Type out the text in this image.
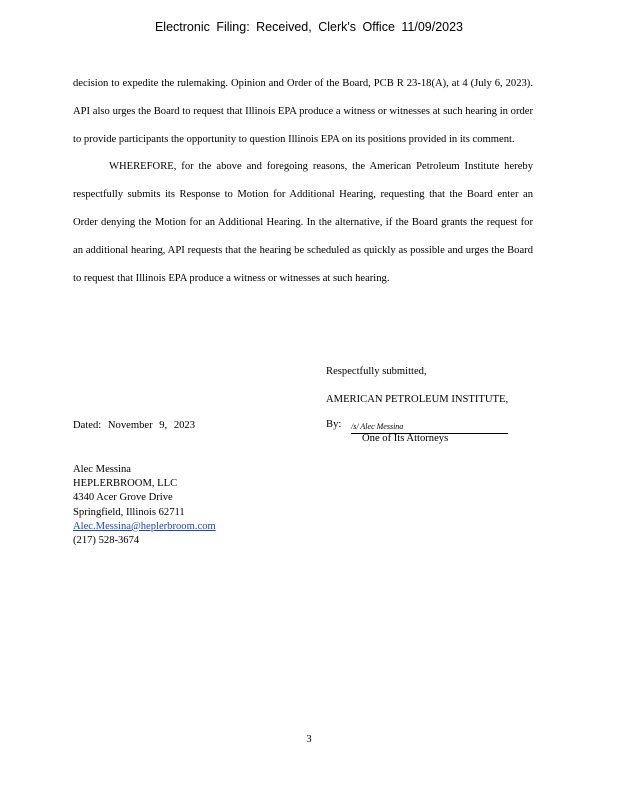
Electronic Filing: Received, Clerk's Office 11/09/2023

decision to expedite the rulemaking. Opinion and Order of the Board, PCB R 23-18(A), at 4 (July 6, 2023). API also urges the Board to request that Illinois EPA produce a witness or witnesses at such hearing in order to provide participants the opportunity to question Illinois EPA on its positions provided in its comment.

WHEREFORE, for the above and foregoing reasons, the American Petroleum Institute hereby respectfully submits its Response to Motion for Additional Hearing, requesting that the Board enter an Order denying the Motion for an Additional Hearing. In the alternative, if the Board grants the request for an additional hearing, API requests that the hearing be scheduled as quickly as possible and urges the Board to request that Illinois EPA produce a witness or witnesses at such hearing.

Respectfully submitted,
AMERICAN PETROLEUM INSTITUTE,
By: /s/ Alec Messina
One of Its Attorneys
Dated: November 9, 2023
Alec Messina
HEPLERBROOM, LLC
4340 Acer Grove Drive
Springfield, Illinois 62711
Alec.Messina@heplerbroom.com
(217) 528-3674
3
